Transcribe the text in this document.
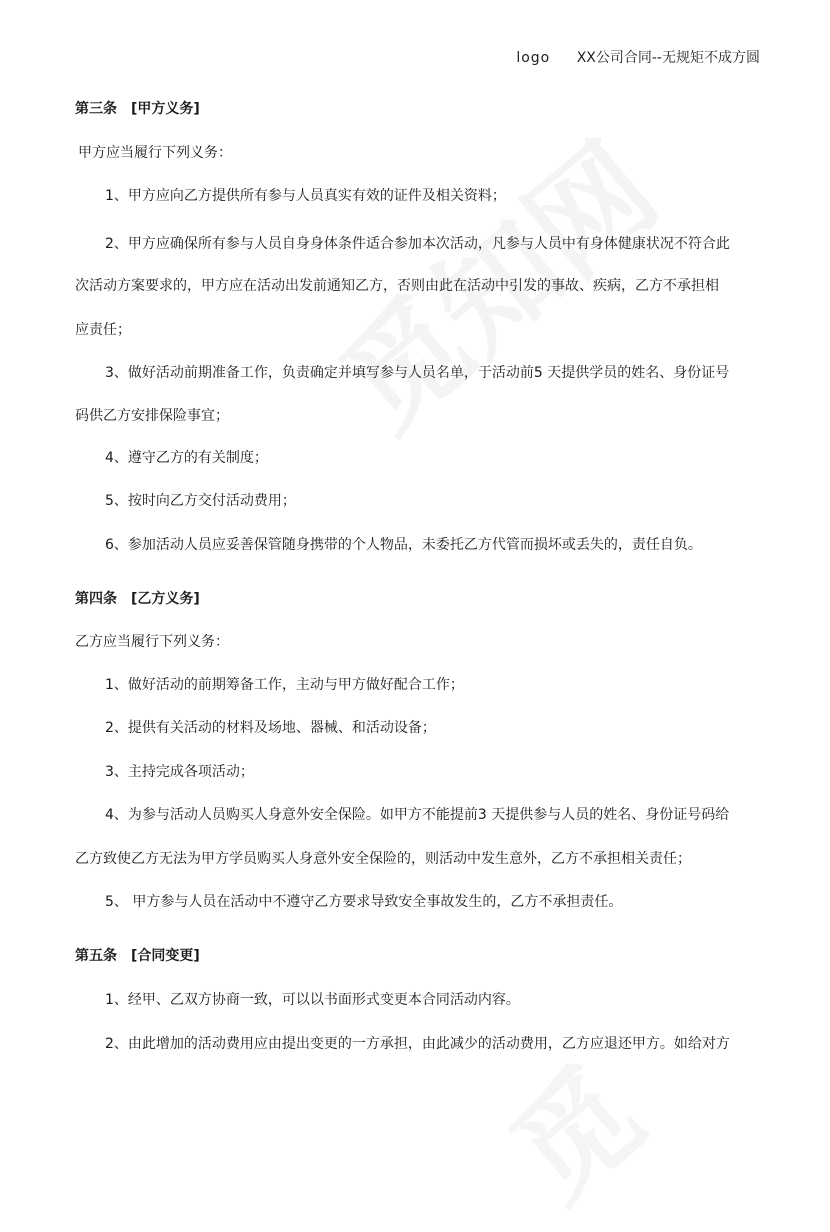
logo XX公司合同--无规矩不成方圆
第三条 [甲方义务]
甲方应当履行下列义务：
1、甲方应向乙方提供所有参与人员真实有效的证件及相关资料；
2、甲方应确保所有参与人员自身身体条件适合参加本次活动，凡参与人员中有身体健康状况不符合此
次活动方案要求的，甲方应在活动出发前通知乙方，否则由此在活动中引发的事故、疾病，乙方不承担相
应责任；
3、做好活动前期准备工作，负责确定并填写参与人员名单，于活动前5 天提供学员的姓名、身份证号
码供乙方安排保险事宜；
4、遵守乙方的有关制度；
5、按时向乙方交付活动费用；
6、参加活动人员应妥善保管随身携带的个人物品，未委托乙方代管而损坏或丢失的，责任自负。
第四条 [乙方义务]
乙方应当履行下列义务：
1、做好活动的前期筹备工作，主动与甲方做好配合工作；
2、提供有关活动的材料及场地、器械、和活动设备；
3、主持完成各项活动；
4、为参与活动人员购买人身意外安全保险。如甲方不能提前3 天提供参与人员的姓名、身份证号码给
乙方致使乙方无法为甲方学员购买人身意外安全保险的，则活动中发生意外，乙方不承担相关责任；
5、 甲方参与人员在活动中不遵守乙方要求导致安全事故发生的，乙方不承担责任。
第五条 [合同变更]
1、经甲、乙双方协商一致，可以以书面形式变更本合同活动内容。
2、由此增加的活动费用应由提出变更的一方承担，由此减少的活动费用，乙方应退还甲方。如给对方
